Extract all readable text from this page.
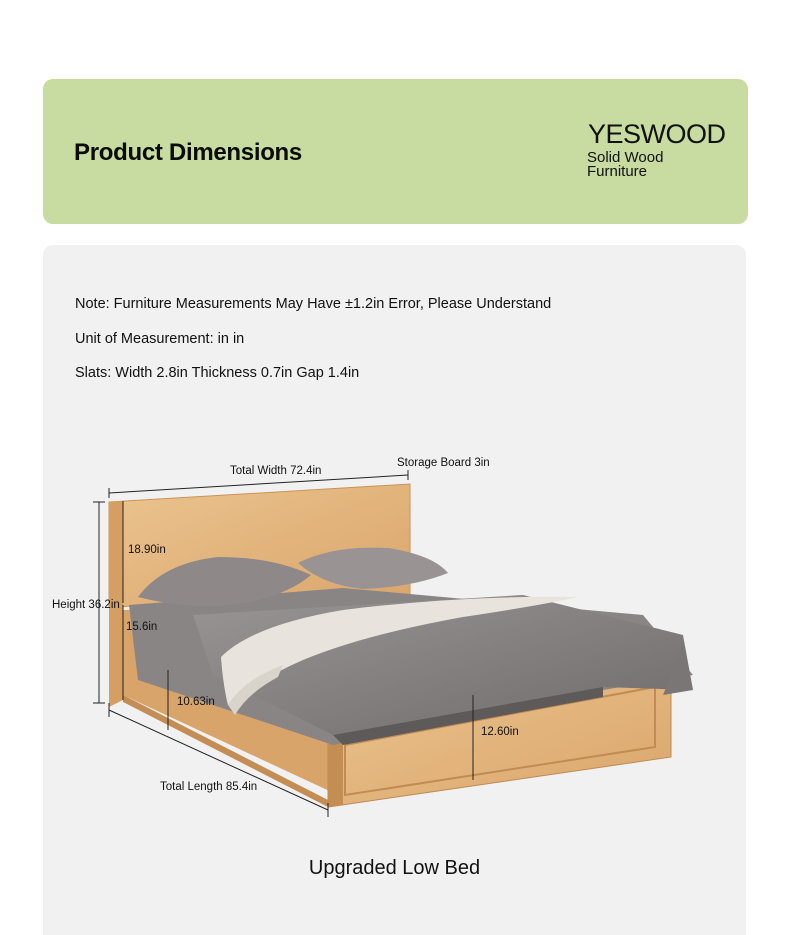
Product Dimensions
YESWOOD
Solid Wood
Furniture
Note: Furniture Measurements May Have ±1.2in Error, Please Understand
Unit of Measurement: in in
Slats: Width 2.8in Thickness 0.7in Gap 1.4in
Total Width 72.4in
Storage Board 3in
18.90in
Height 36.2in
15.6in
10.63in
12.60in
Total Length 85.4in
Upgraded Low Bed
